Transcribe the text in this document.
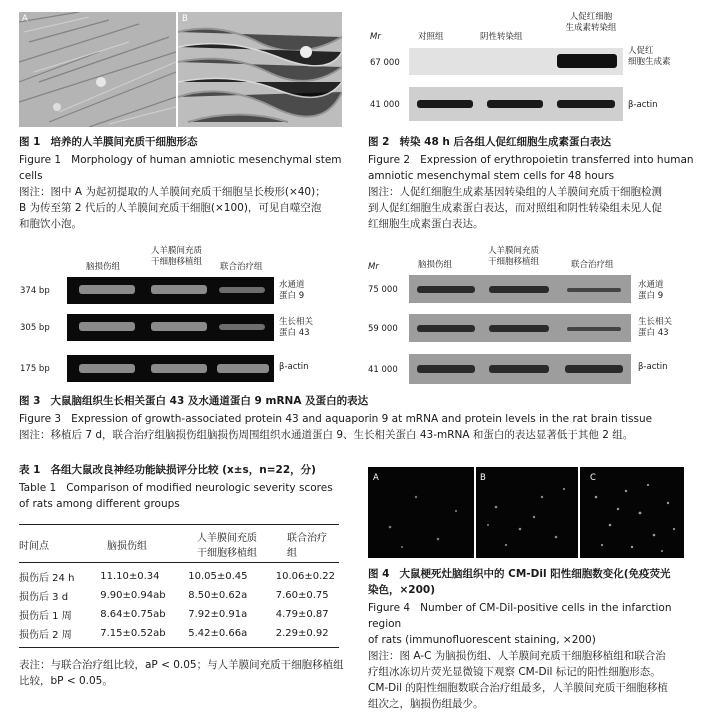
A	B
图 1 培养的人羊膜间充质干细胞形态
Figure 1 Morphology of human amniotic mesenchymal stem
cells
图注：图中 A 为起初提取的人羊膜间充质干细胞呈长梭形(×40)；
B 为传至第 2 代后的人羊膜间充质干细胞(×100)，可见自噬空泡
和胞饮小泡。
Mr	对照组	阴性转染组
人促红细胞
生成素转染组
67 000
人促红
细胞生成素
41 000	β-actin
图 2 转染 48 h 后各组人促红细胞生成素蛋白表达
Figure 2 Expression of erythropoietin transferred into human
amniotic mesenchymal stem cells for 48 hours
图注：人促红细胞生成素基因转染组的人羊膜间充质干细胞检测
到人促红细胞生成素蛋白表达，而对照组和阴性转染组未见人促
红细胞生成素蛋白表达。
脑损伤组
人羊膜间充质
干细胞移植组 联合治疗组
374 bp
305 bp
175 bp
水通道
蛋白 9
生长相关
蛋白 43
β-actin
Mr	脑损伤组
人羊膜间充质
干细胞移植组	联合治疗组
75 000
59 000
41 000
水通道
蛋白 9
生长相关
蛋白 43
β-actin
图 3 大鼠脑组织生长相关蛋白 43 及水通道蛋白 9 mRNA 及蛋白的表达
Figure 3 Expression of growth-associated protein 43 and aquaporin 9 at mRNA and protein levels in the rat brain tissue
图注：移植后 7 d，联合治疗组脑损伤组脑损伤周围组织水通道蛋白 9、生长相关蛋白 43-mRNA 和蛋白的表达显著低于其他 2 组。
表 1 各组大鼠改良神经功能缺损评分比较 (x±s，n=22，分)
Table 1 Comparison of modified neurologic severity scores
of rats among different groups
时间点	脑损伤组	
人羊膜间充质
干细胞移植组
	联合治疗组
损伤后 24 h	11.10±0.34	10.05±0.45	10.06±0.22
损伤后 3 d	9.90±0.94ab	8.50±0.62a	7.60±0.75
损伤后 1 周	8.64±0.75ab	7.92±0.91a	4.79±0.87
损伤后 2 周	7.15±0.52ab	5.42±0.66a	2.29±0.92
表注：与联合治疗组比较，aP < 0.05；与人羊膜间充质干细胞移植组
比较，bP < 0.05。
A	B	C
图 4 大鼠梗死灶脑组织中的 CM-Dil 阳性细胞数变化(免疫荧光
染色，×200)
Figure 4 Number of CM-Dil-positive cells in the infarction region
of rats (immunofluorescent staining, ×200)
图注：图 A-C 为脑损伤组、人羊膜间充质干细胞移植组和联合治
疗组冰冻切片荧光显微镜下观察 CM-Dil 标记的阳性细胞形态。
CM-Dil 的阳性细胞数联合治疗组最多，人羊膜间充质干细胞移植
组次之，脑损伤组最少。
